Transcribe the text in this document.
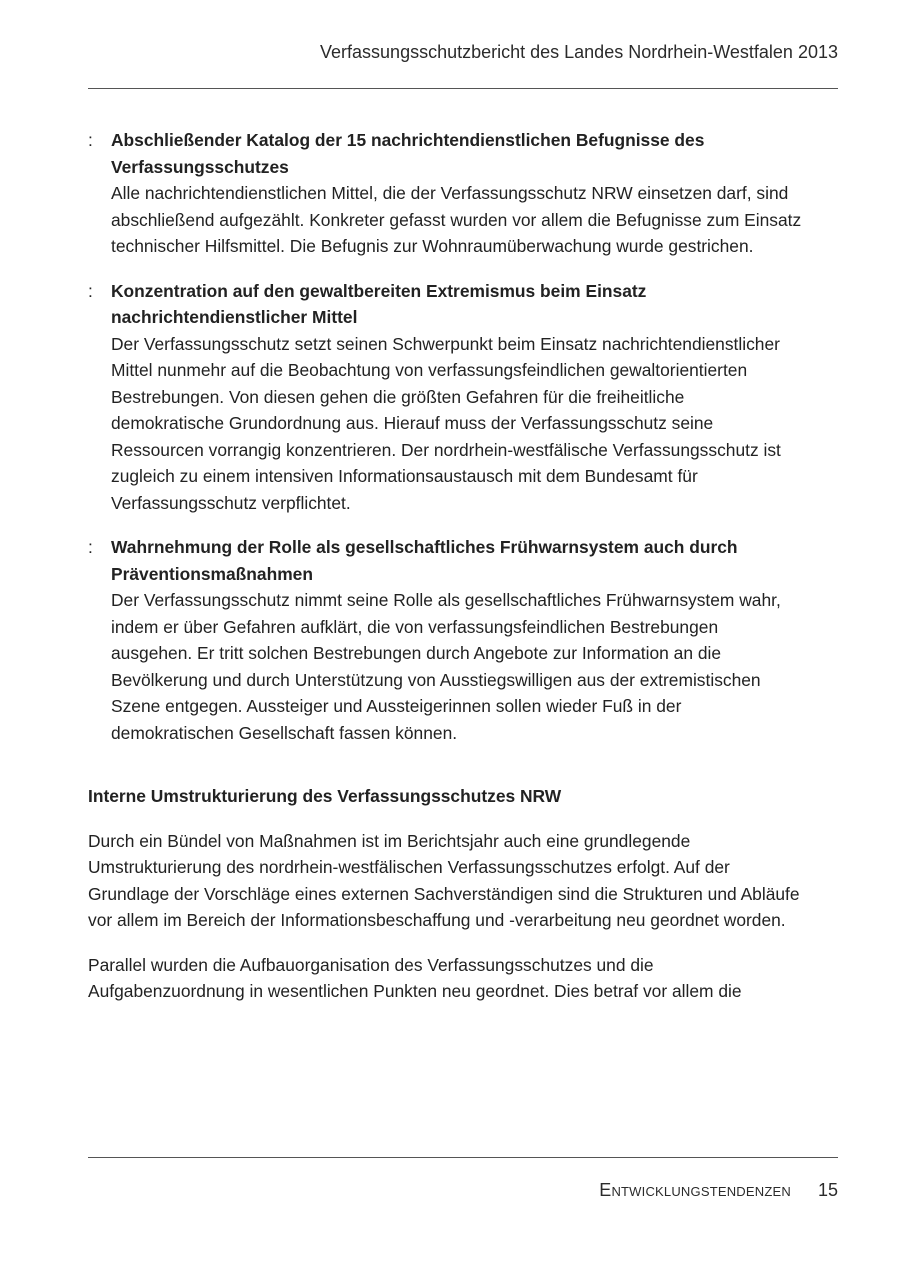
Verfassungsschutzbericht des Landes Nordrhein-Westfalen 2013
: Abschließender Katalog der 15 nachrichtendienstlichen Befugnisse des Verfassungsschutzes
Alle nachrichtendienstlichen Mittel, die der Verfassungsschutz NRW einsetzen darf, sind abschließend aufgezählt. Konkreter gefasst wurden vor allem die Befugnisse zum Einsatz technischer Hilfsmittel. Die Befugnis zur Wohnraumüberwachung wurde gestrichen.
: Konzentration auf den gewaltbereiten Extremismus beim Einsatz nachrichtendienstlicher Mittel
Der Verfassungsschutz setzt seinen Schwerpunkt beim Einsatz nachrichtendienstlicher Mittel nunmehr auf die Beobachtung von verfassungsfeindlichen gewaltorientierten Bestrebungen. Von diesen gehen die größten Gefahren für die freiheitliche demokratische Grundordnung aus. Hierauf muss der Verfassungsschutz seine Ressourcen vorrangig konzentrieren. Der nordrhein-westfälische Verfassungsschutz ist zugleich zu einem intensiven Informationsaustausch mit dem Bundesamt für Verfassungsschutz verpflichtet.
: Wahrnehmung der Rolle als gesellschaftliches Frühwarnsystem auch durch Präventionsmaßnahmen
Der Verfassungsschutz nimmt seine Rolle als gesellschaftliches Frühwarnsystem wahr, indem er über Gefahren aufklärt, die von verfassungsfeindlichen Bestrebungen ausgehen. Er tritt solchen Bestrebungen durch Angebote zur Information an die Bevölkerung und durch Unterstützung von Ausstiegswilligen aus der extremistischen Szene entgegen. Aussteiger und Aussteigerinnen sollen wieder Fuß in der demokratischen Gesellschaft fassen können.
Interne Umstrukturierung des Verfassungsschutzes NRW

Durch ein Bündel von Maßnahmen ist im Berichtsjahr auch eine grundlegende Umstrukturierung des nordrhein-westfälischen Verfassungsschutzes erfolgt. Auf der Grundlage der Vorschläge eines externen Sachverständigen sind die Strukturen und Abläufe vor allem im Bereich der Informationsbeschaffung und -verarbeitung neu geordnet worden.

Parallel wurden die Aufbauorganisation des Verfassungsschutzes und die Aufgabenzuordnung in wesentlichen Punkten neu geordnet. Dies betraf vor allem die

Entwicklungstendenzen 15
